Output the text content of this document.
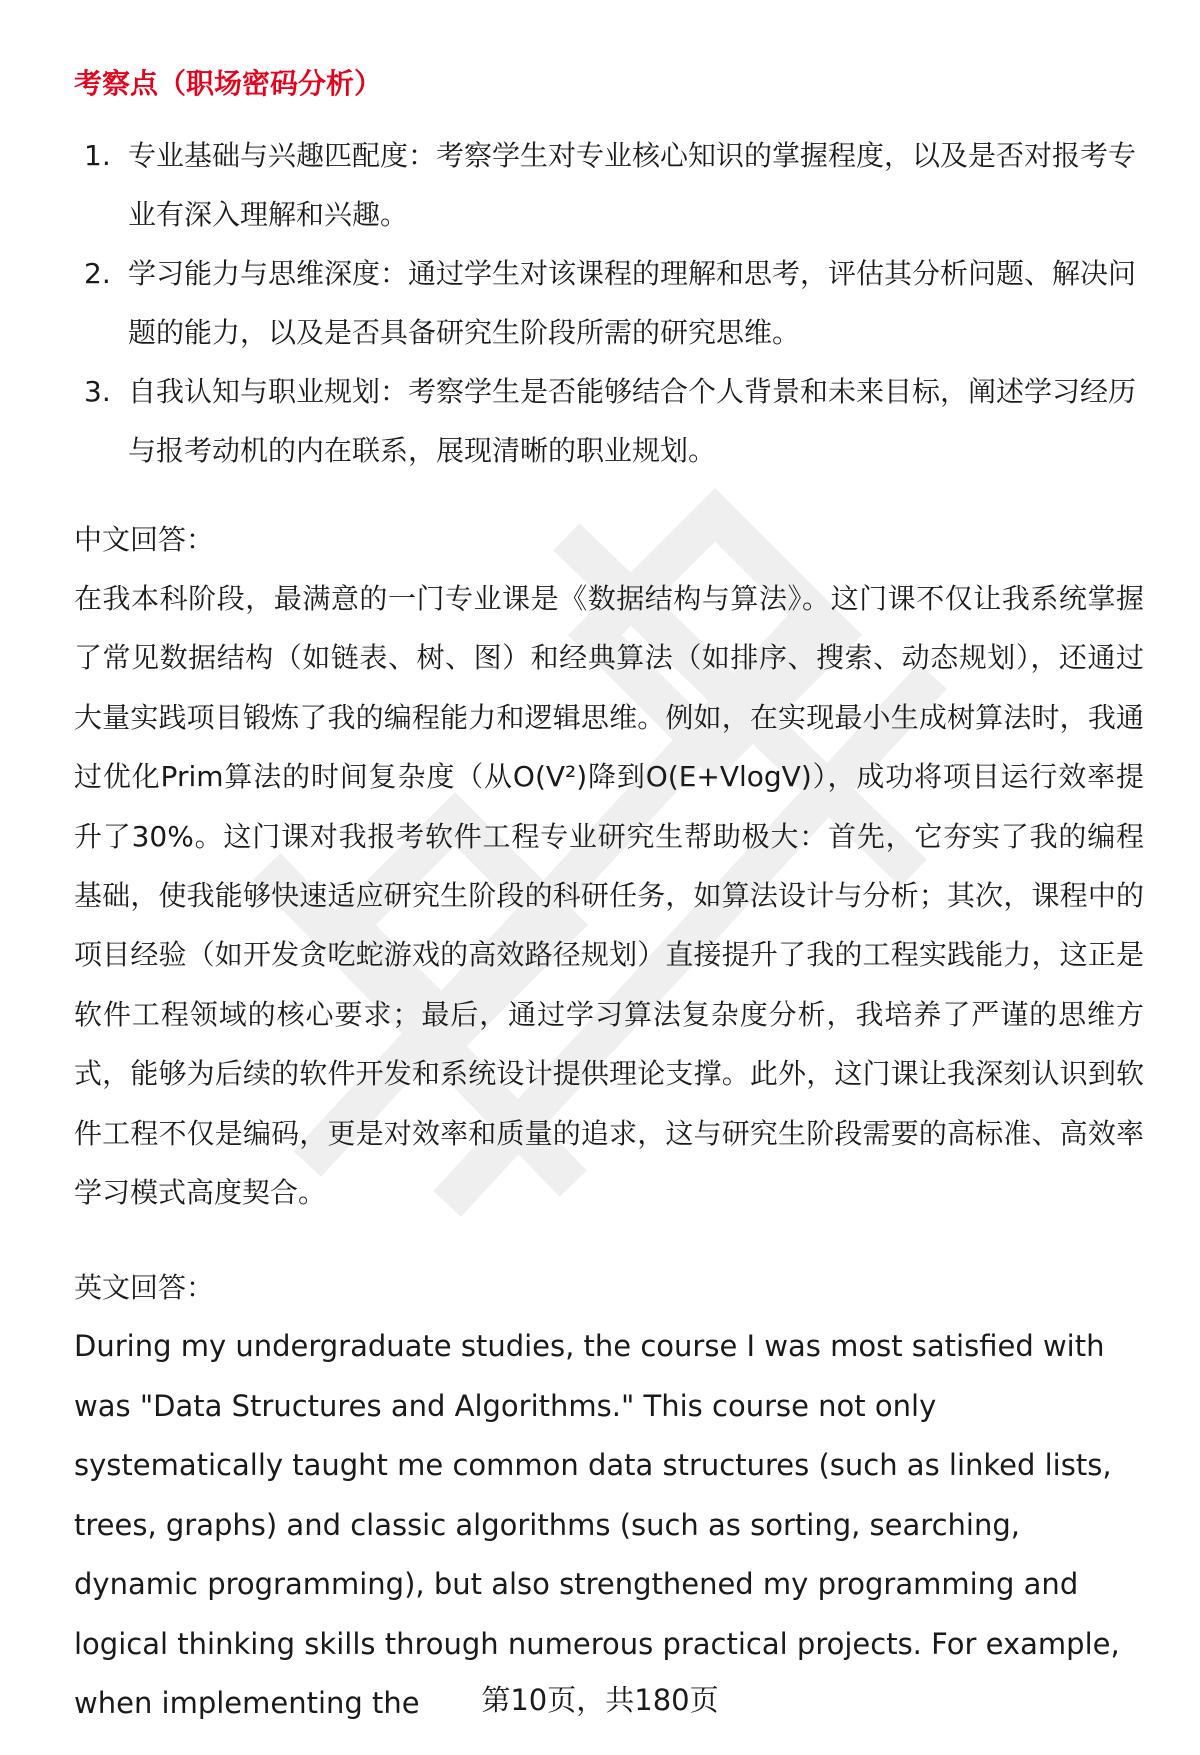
考察点（职场密码分析）
1. 专业基础与兴趣匹配度：考察学生对专业核心知识的掌握程度，以及是否对报考专业有深入理解和兴趣。
2. 学习能力与思维深度：通过学生对该课程的理解和思考，评估其分析问题、解决问题的能力，以及是否具备研究生阶段所需的研究思维。
3. 自我认知与职业规划：考察学生是否能够结合个人背景和未来目标，阐述学习经历与报考动机的内在联系，展现清晰的职业规划。

中文回答：

在我本科阶段，最满意的一门专业课是《数据结构与算法》。这门课不仅让我系统掌握了常见数据结构（如链表、树、图）和经典算法（如排序、搜索、动态规划），还通过大量实践项目锻炼了我的编程能力和逻辑思维。例如，在实现最小生成树算法时，我通过优化Prim算法的时间复杂度（从O(V²)降到O(E+VlogV)），成功将项目运行效率提升了30%。这门课对我报考软件工程专业研究生帮助极大：首先，它夯实了我的编程基础，使我能够快速适应研究生阶段的科研任务，如算法设计与分析；其次，课程中的项目经验（如开发贪吃蛇游戏的高效路径规划）直接提升了我的工程实践能力，这正是软件工程领域的核心要求；最后，通过学习算法复杂度分析，我培养了严谨的思维方式，能够为后续的软件开发和系统设计提供理论支撑。此外，这门课让我深刻认识到软件工程不仅是编码，更是对效率和质量的追求，这与研究生阶段需要的高标准、高效率学习模式高度契合。

英文回答：

During my undergraduate studies, the course I was most satisfied with was "Data Structures and Algorithms." This course not only systematically taught me common data structures (such as linked lists, trees, graphs) and classic algorithms (such as sorting, searching, dynamic programming), but also strengthened my programming and logical thinking skills through numerous practical projects. For example, when implementing the	第10页，共180页
